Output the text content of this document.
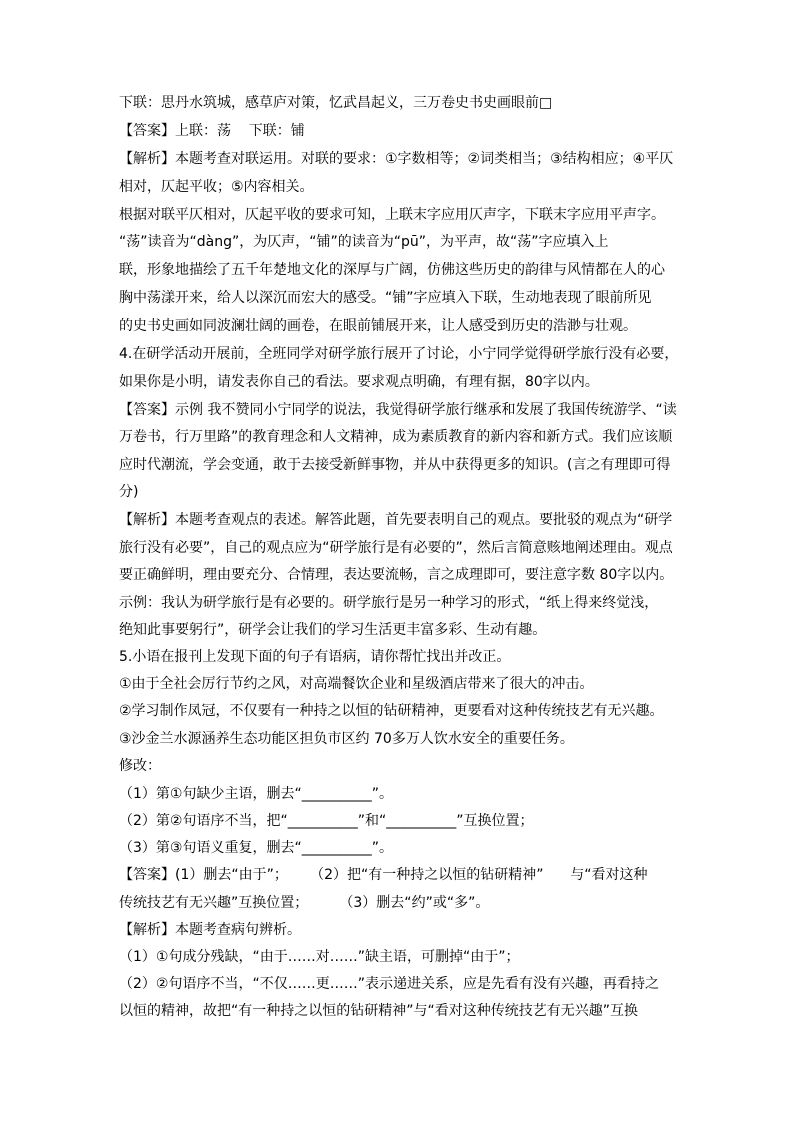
下联：思丹水筑城，感草庐对策，忆武昌起义，三万卷史书史画眼前□
【答案】上联：荡    下联：铺
【解析】本题考查对联运用。对联的要求：①字数相等；②词类相当；③结构相应；④平仄
相对，仄起平收；⑤内容相关。
根据对联平仄相对，仄起平收的要求可知，上联末字应用仄声字，下联末字应用平声字。
“荡”读音为“dàng”，为仄声，“铺”的读音为“pū”，为平声，故“荡”字应填入上
联，形象地描绘了五千年楚地文化的深厚与广阔，仿佛这些历史的韵律与风情都在人的心
胸中荡漾开来，给人以深沉而宏大的感受。“铺”字应填入下联，生动地表现了眼前所见
的史书史画如同波澜壮阔的画卷，在眼前铺展开来，让人感受到历史的浩渺与壮观。
4.在研学活动开展前，全班同学对研学旅行展开了讨论，小宁同学觉得研学旅行没有必要，
如果你是小明，请发表你自己的看法。要求观点明确，有理有据，80字以内。
【答案】示例 我不赞同小宁同学的说法，我觉得研学旅行继承和发展了我国传统游学、“读
万卷书，行万里路”的教育理念和人文精神，成为素质教育的新内容和新方式。我们应该顺
应时代潮流，学会变通，敢于去接受新鲜事物，并从中获得更多的知识。(言之有理即可得
分)
【解析】本题考查观点的表述。解答此题，首先要表明自己的观点。要批驳的观点为“研学
旅行没有必要”，自己的观点应为“研学旅行是有必要的”，然后言简意赅地阐述理由。观点
要正确鲜明，理由要充分、合情理，表达要流畅，言之成理即可，要注意字数 80字以内。
示例：我认为研学旅行是有必要的。研学旅行是另一种学习的形式，“纸上得来终觉浅，
绝知此事要躬行”，研学会让我们的学习生活更丰富多彩、生动有趣。
5.小语在报刊上发现下面的句子有语病，请你帮忙找出并改正。
①由于全社会厉行节约之风，对高端餐饮企业和星级酒店带来了很大的冲击。
②学习制作凤冠，不仅要有一种持之以恒的钻研精神，更要看对这种传统技艺有无兴趣。
③沙金兰水源涵养生态功能区担负市区约 70多万人饮水安全的重要任务。
修改：
（1）第①句缺少主语，删去“__________”。
（2）第②句语序不当，把“__________”和“__________”互换位置；
（3）第③句语义重复，删去“__________”。
【答案】(1）删去“由于”；     （2）把“有一种持之以恒的钻研精神”      与“看对这种
传统技艺有无兴趣”互换位置；       （3）删去“约”或“多”。
【解析】本题考查病句辨析。
（1）①句成分残缺，“由于……对……”缺主语，可删掉“由于”；
（2）②句语序不当，“不仅……更……”表示递进关系，应是先看有没有兴趣，再看持之
以恒的精神，故把“有一种持之以恒的钻研精神”与“看对这种传统技艺有无兴趣”互换
